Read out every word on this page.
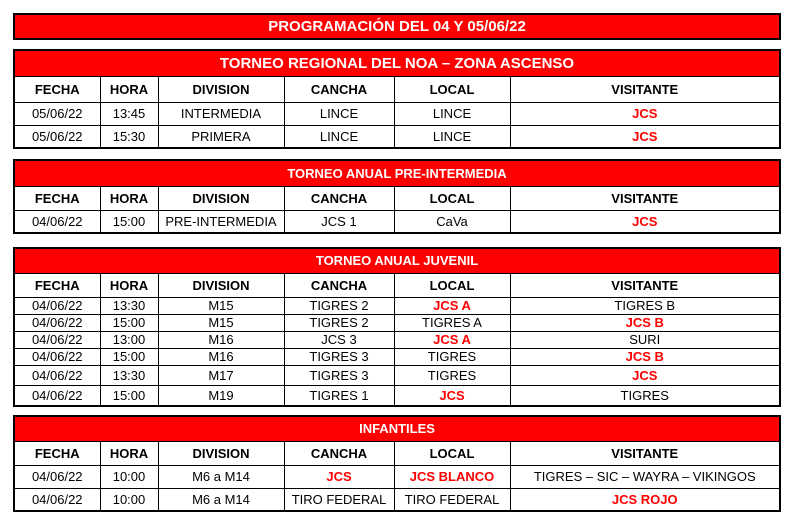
PROGRAMACIÓN DEL 04 Y 05/06/22
TORNEO REGIONAL DEL NOA – ZONA ASCENSO					
FECHA	HORA	DIVISION	CANCHA	LOCAL	VISITANTE
05/06/22	13:45	INTERMEDIA	LINCE	LINCE	JCS
05/06/22	15:30	PRIMERA	LINCE	LINCE	JCS
TORNEO ANUAL PRE-INTERMEDIA					
FECHA	HORA	DIVISION	CANCHA	LOCAL	VISITANTE
04/06/22	15:00	PRE-INTERMEDIA	JCS 1	CaVa	JCS
TORNEO ANUAL JUVENIL					
FECHA	HORA	DIVISION	CANCHA	LOCAL	VISITANTE
04/06/22	13:30	M15	TIGRES 2	JCS A	TIGRES B
04/06/22	15:00	M15	TIGRES 2	TIGRES A	JCS B
04/06/22	13:00	M16	JCS 3	JCS A	SURI
04/06/22	15:00	M16	TIGRES 3	TIGRES	JCS B
04/06/22	13:30	M17	TIGRES 3	TIGRES	JCS
04/06/22	15:00	M19	TIGRES 1	JCS	TIGRES
INFANTILES					
FECHA	HORA	DIVISION	CANCHA	LOCAL	VISITANTE
04/06/22	10:00	M6 a M14	JCS	JCS BLANCO	TIGRES – SIC – WAYRA – VIKINGOS
04/06/22	10:00	M6 a M14	TIRO FEDERAL	TIRO FEDERAL	JCS ROJO
